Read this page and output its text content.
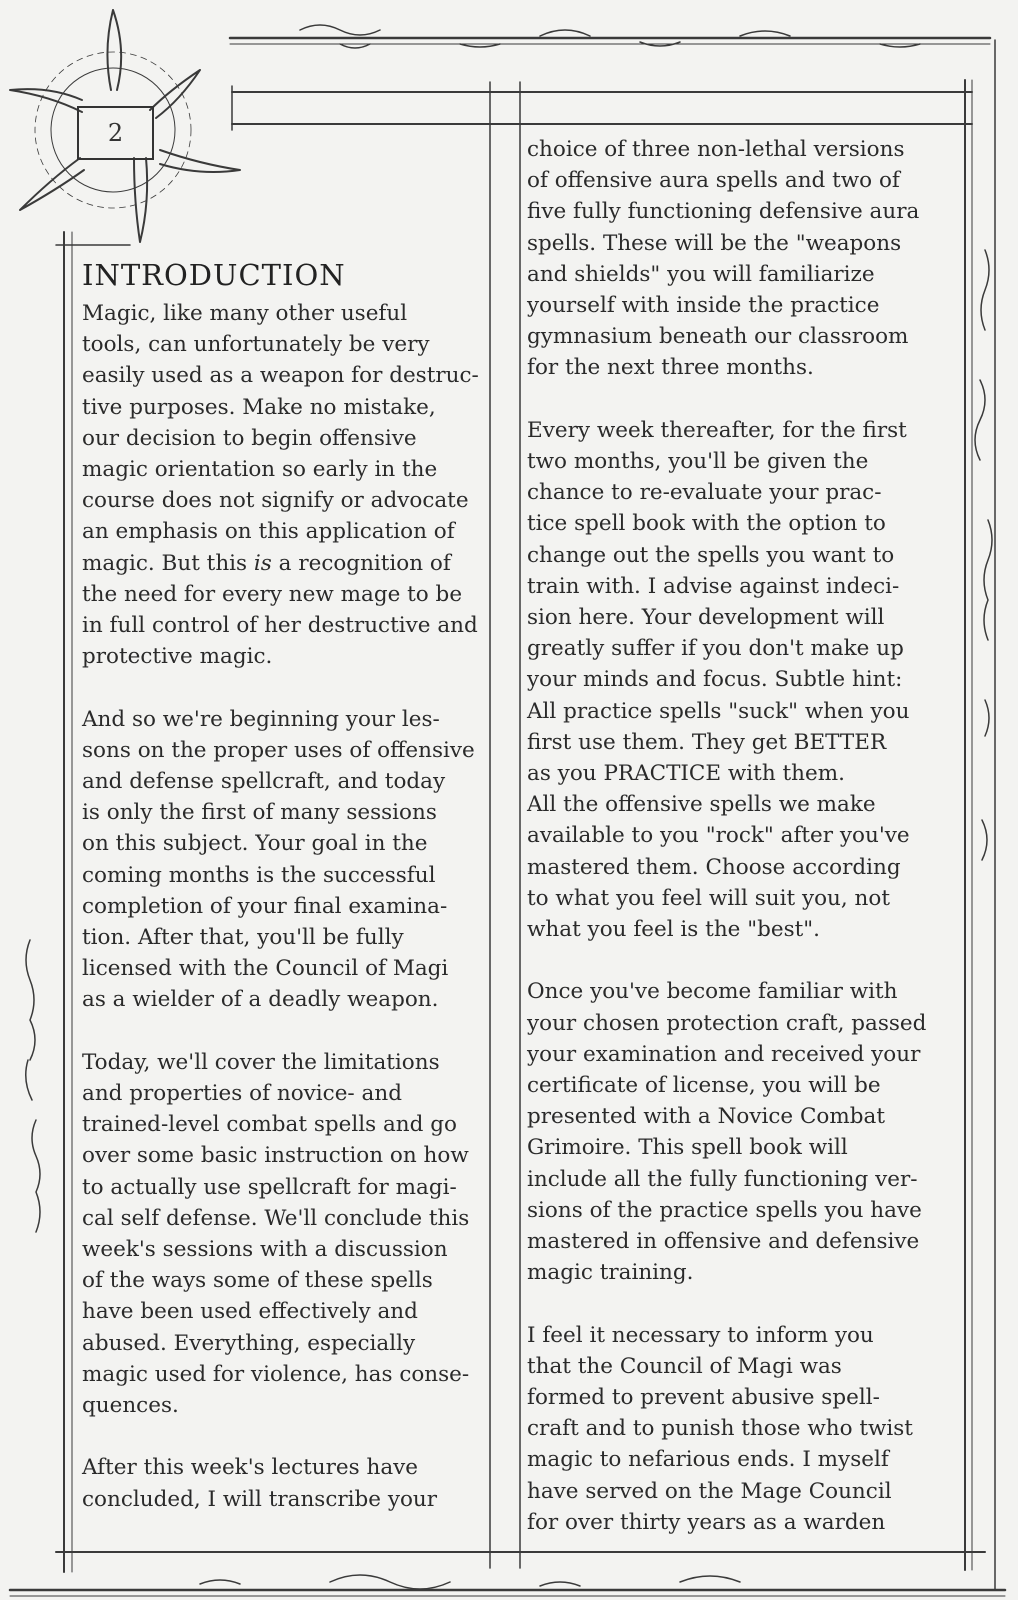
2
INTRODUCTION

Magic, like many other useful
tools, can unfortunately be very
easily used as a weapon for destruc-
tive purposes. Make no mistake,
our decision to begin offensive
magic orientation so early in the
course does not signify or advocate
an emphasis on this application of
magic. But this is a recognition of
the need for every new mage to be
in full control of her destructive and
protective magic.

And so we're beginning your les-
sons on the proper uses of offensive
and defense spellcraft, and today
is only the first of many sessions
on this subject. Your goal in the
coming months is the successful
completion of your final examina-
tion. After that, you'll be fully
licensed with the Council of Magi
as a wielder of a deadly weapon.

Today, we'll cover the limitations
and properties of novice- and
trained-level combat spells and go
over some basic instruction on how
to actually use spellcraft for magi-
cal self defense. We'll conclude this
week's sessions with a discussion
of the ways some of these spells
have been used effectively and
abused. Everything, especially
magic used for violence, has conse-
quences.

After this week's lectures have
concluded, I will transcribe your

choice of three non-lethal versions
of offensive aura spells and two of
five fully functioning defensive aura
spells. These will be the "weapons
and shields" you will familiarize
yourself with inside the practice
gymnasium beneath our classroom
for the next three months.

Every week thereafter, for the first
two months, you'll be given the
chance to re-evaluate your prac-
tice spell book with the option to
change out the spells you want to
train with. I advise against indeci-
sion here. Your development will
greatly suffer if you don't make up
your minds and focus. Subtle hint:
All practice spells "suck" when you
first use them. They get BETTER
as you PRACTICE with them.
All the offensive spells we make
available to you "rock" after you've
mastered them. Choose according
to what you feel will suit you, not
what you feel is the "best".

Once you've become familiar with
your chosen protection craft, passed
your examination and received your
certificate of license, you will be
presented with a Novice Combat
Grimoire. This spell book will
include all the fully functioning ver-
sions of the practice spells you have
mastered in offensive and defensive
magic training.

I feel it necessary to inform you
that the Council of Magi was
formed to prevent abusive spell-
craft and to punish those who twist
magic to nefarious ends. I myself
have served on the Mage Council
for over thirty years as a warden
